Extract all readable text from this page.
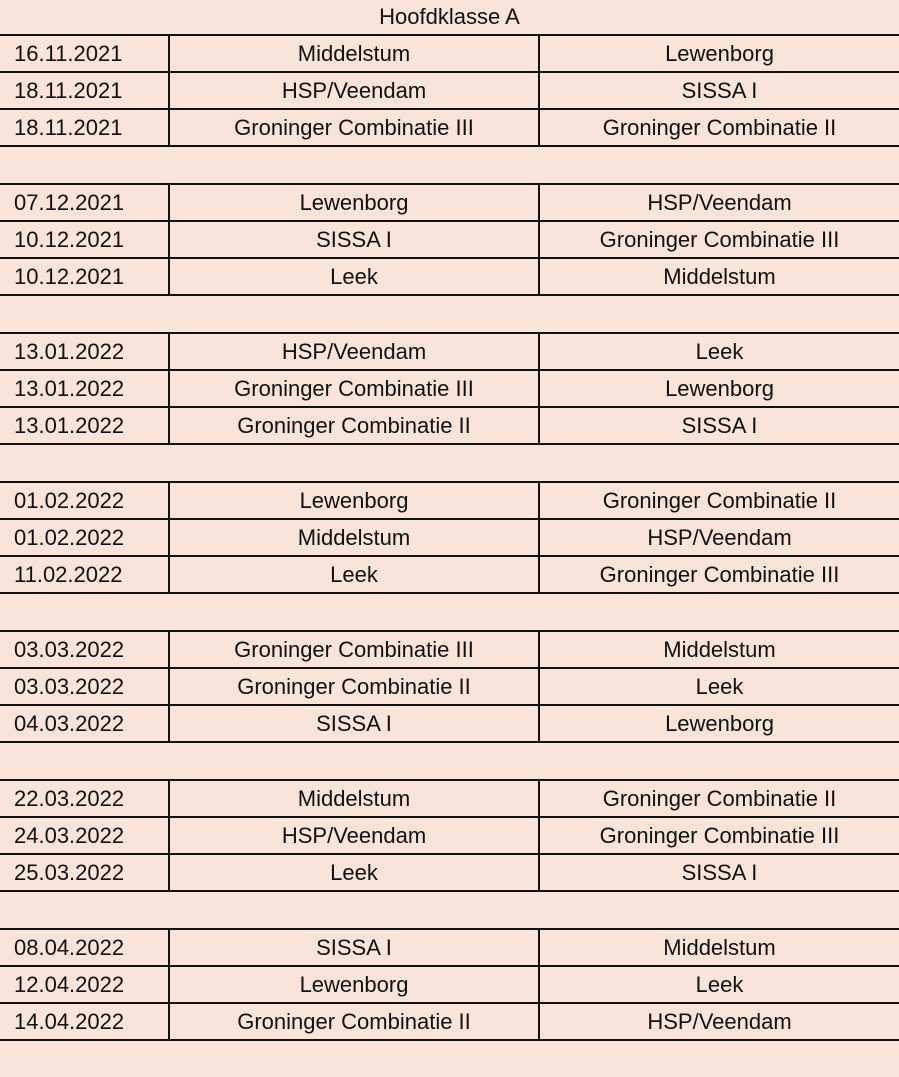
Hoofdklasse A
16.11.2021	Middelstum	Lewenborg
18.11.2021	HSP/Veendam	SISSA I
18.11.2021	Groninger Combinatie III	Groninger Combinatie II
07.12.2021	Lewenborg	HSP/Veendam
10.12.2021	SISSA I	Groninger Combinatie III
10.12.2021	Leek	Middelstum
13.01.2022	HSP/Veendam	Leek
13.01.2022	Groninger Combinatie III	Lewenborg
13.01.2022	Groninger Combinatie II	SISSA I
01.02.2022	Lewenborg	Groninger Combinatie II
01.02.2022	Middelstum	HSP/Veendam
11.02.2022	Leek	Groninger Combinatie III
03.03.2022	Groninger Combinatie III	Middelstum
03.03.2022	Groninger Combinatie II	Leek
04.03.2022	SISSA I	Lewenborg
22.03.2022	Middelstum	Groninger Combinatie II
24.03.2022	HSP/Veendam	Groninger Combinatie III
25.03.2022	Leek	SISSA I
08.04.2022	SISSA I	Middelstum
12.04.2022	Lewenborg	Leek
14.04.2022	Groninger Combinatie II	HSP/Veendam
